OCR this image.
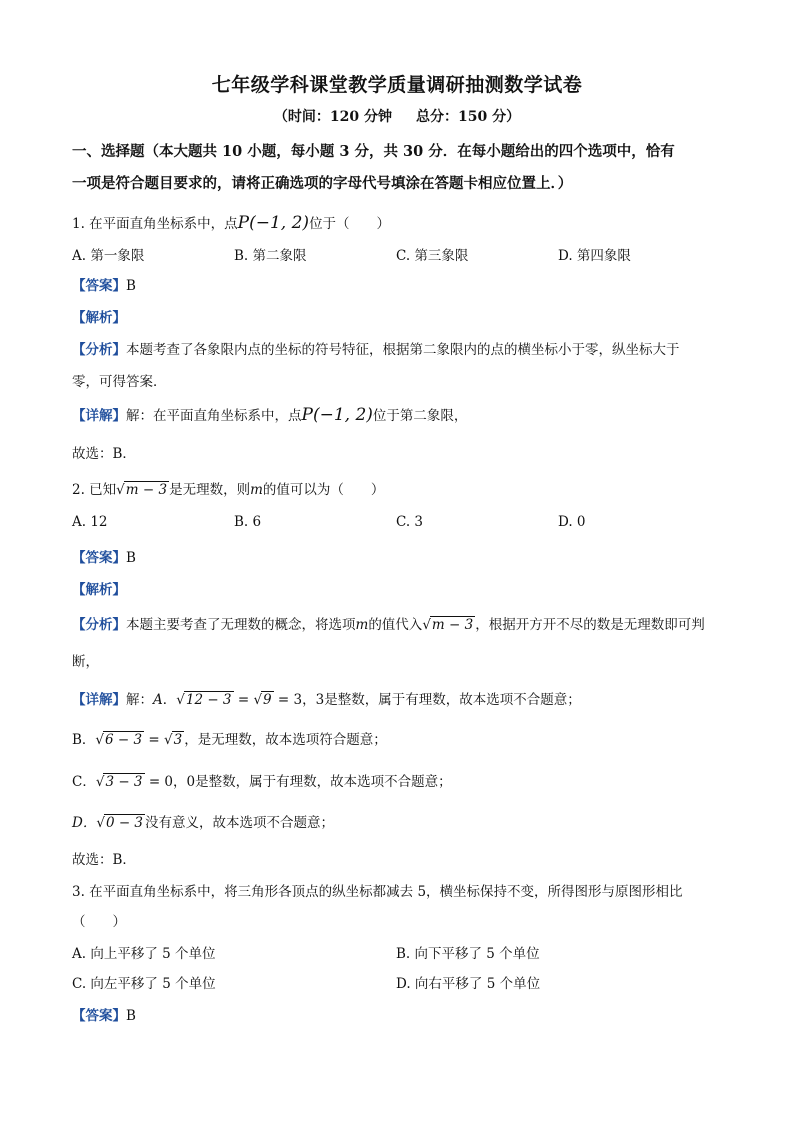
七年级学科课堂教学质量调研抽测数学试卷
（时间：120 分钟 总分：150 分）
一、选择题（本大题共 10 小题，每小题 3 分，共 30 分．在每小题给出的四个选项中，恰有
一项是符合题目要求的，请将正确选项的字母代号填涂在答题卡相应位置上．）
1. 在平面直角坐标系中，点P(−1, 2)位于（　　）
A. 第一象限	B. 第二象限	C. 第三象限	D. 第四象限
【答案】B
【解析】
【分析】本题考查了各象限内点的坐标的符号特征，根据第二象限内的点的横坐标小于零，纵坐标大于
零，可得答案．
【详解】解：在平面直角坐标系中，点P(−1, 2)位于第二象限，
故选：B．
2. 已知√m − 3 是无理数，则m的值可以为（　　）
A. 12	B. 6	C. 3	D. 0
【答案】B
【解析】
【分析】本题主要考查了无理数的概念，将选项m的值代入√m − 3 ，根据开方开不尽的数是无理数即可判
断，
【详解】解：A．√12 − 3 = √9 = 3，3是整数，属于有理数，故本选项不合题意；
B．√6 − 3 = √3 ，是无理数，故本选项符合题意；
C．√3 − 3 = 0，0是整数，属于有理数，故本选项不合题意；
D．√0 − 3 没有意义，故本选项不合题意；
故选：B．
3. 在平面直角坐标系中，将三角形各顶点的纵坐标都减去 5，横坐标保持不变，所得图形与原图形相比
（　　）
A. 向上平移了 5 个单位	B. 向下平移了 5 个单位
C. 向左平移了 5 个单位	D. 向右平移了 5 个单位
【答案】B
